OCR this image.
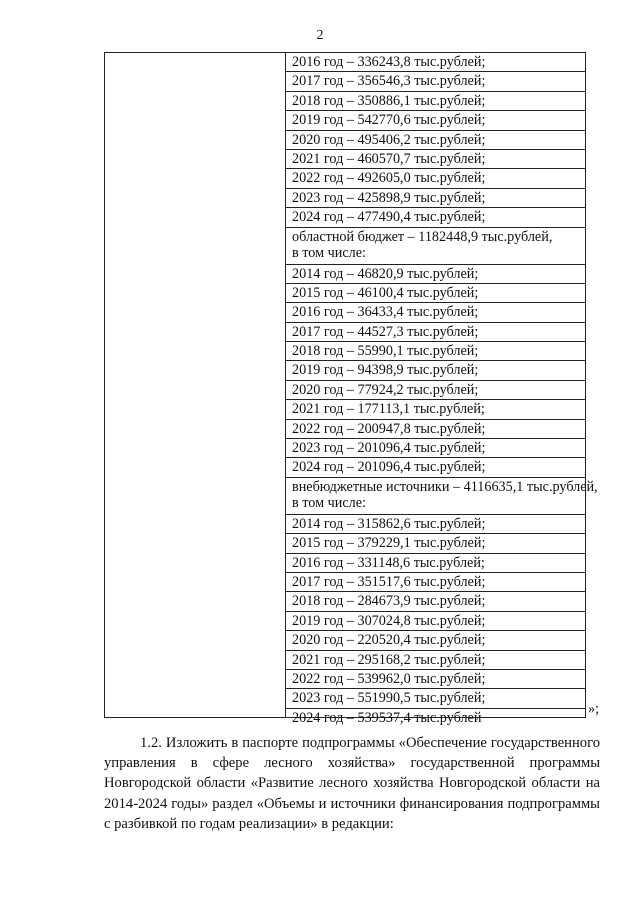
2
2016 год – 336243,8 тыс.рублей;
2017 год – 356546,3 тыс.рублей;
2018 год – 350886,1 тыс.рублей;
2019 год – 542770,6 тыс.рублей;
2020 год – 495406,2 тыс.рублей;
2021 год – 460570,7 тыс.рублей;
2022 год – 492605,0 тыс.рублей;
2023 год – 425898,9 тыс.рублей;
2024 год – 477490,4 тыс.рублей;
областной бюджет – 1182448,9 тыс.рублей,
в том числе:
2014 год – 46820,9 тыс.рублей;
2015 год – 46100,4 тыс.рублей;
2016 год – 36433,4 тыс.рублей;
2017 год – 44527,3 тыс.рублей;
2018 год – 55990,1 тыс.рублей;
2019 год – 94398,9 тыс.рублей;
2020 год – 77924,2 тыс.рублей;
2021 год – 177113,1 тыс.рублей;
2022 год – 200947,8 тыс.рублей;
2023 год – 201096,4 тыс.рублей;
2024 год – 201096,4 тыс.рублей;
внебюджетные источники – 4116635,1 тыс.рублей,
в том числе:
2014 год – 315862,6 тыс.рублей;
2015 год – 379229,1 тыс.рублей;
2016 год – 331148,6 тыс.рублей;
2017 год – 351517,6 тыс.рублей;
2018 год – 284673,9 тыс.рублей;
2019 год – 307024,8 тыс.рублей;
2020 год – 220520,4 тыс.рублей;
2021 год – 295168,2 тыс.рублей;
2022 год – 539962,0 тыс.рублей;
2023 год – 551990,5 тыс.рублей;
2024 год – 539537,4 тыс.рублей
»;
1.2. Изложить в паспорте подпрограммы «Обеспечение государственного управления в сфере лесного хозяйства» государственной программы Новгородской области «Развитие лесного хозяйства Новгородской области на 2014-2024 годы» раздел «Объемы и источники финансирования подпрограммы с разбивкой по годам реализации» в редакции:
